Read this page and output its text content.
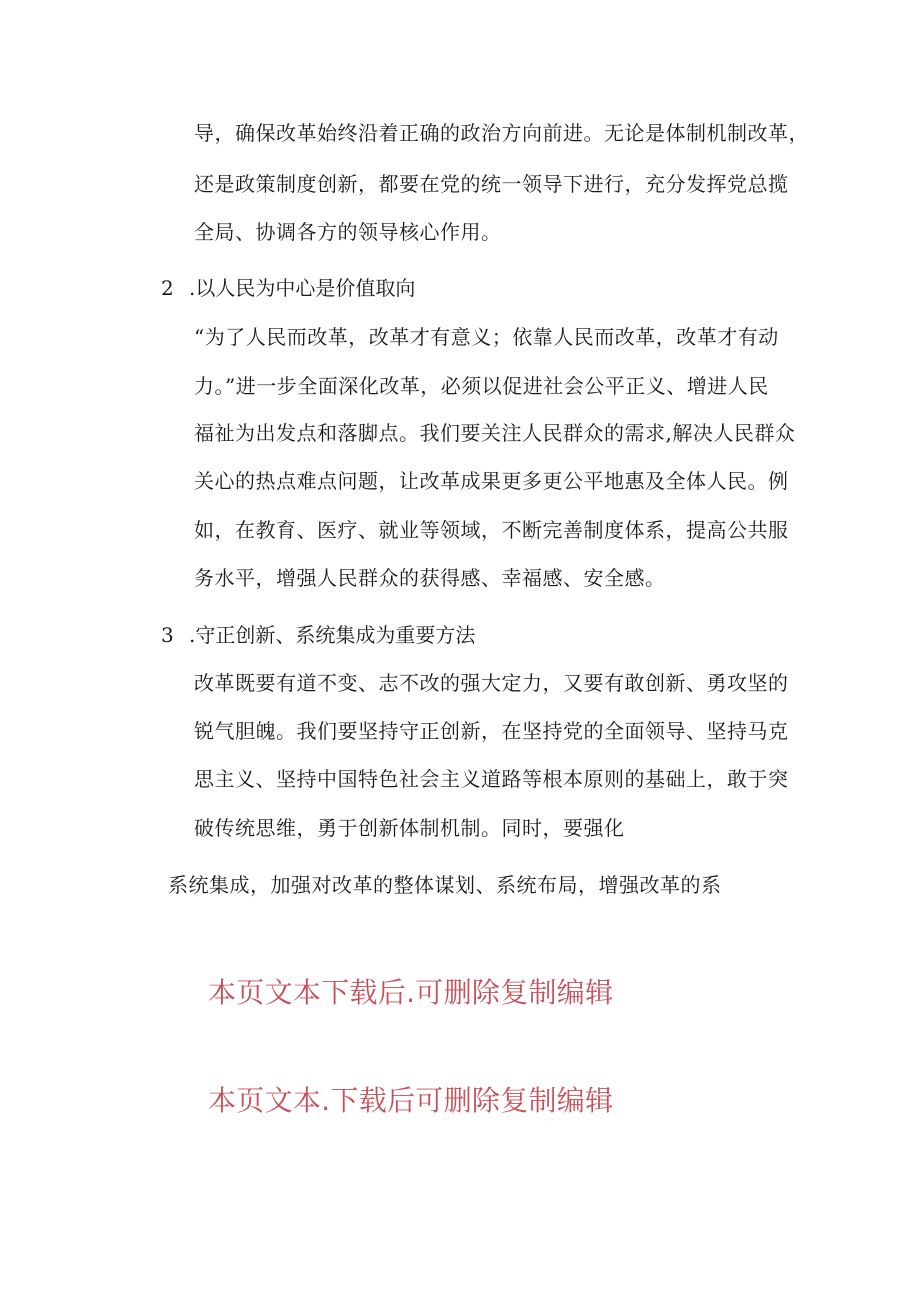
导，确保改革始终沿着正确的政治方向前进。无论是体制机制改革，
还是政策制度创新，都要在党的统一领导下进行，充分发挥党总揽
全局、协调各方的领导核心作用。
2 .以人民为中心是价值取向
“为了人民而改革，改革才有意义；依靠人民而改革，改革才有动
力。”进一步全面深化改革，必须以促进社会公平正义、增进人民
福祉为出发点和落脚点。我们要关注人民群众的需求,解决人民群众
关心的热点难点问题，让改革成果更多更公平地惠及全体人民。例
如，在教育、医疗、就业等领域，不断完善制度体系，提高公共服
务水平，增强人民群众的获得感、幸福感、安全感。
3 .守正创新、系统集成为重要方法
改革既要有道不变、志不改的强大定力，又要有敢创新、勇攻坚的
锐气胆魄。我们要坚持守正创新，在坚持党的全面领导、坚持马克
思主义、坚持中国特色社会主义道路等根本原则的基础上，敢于突
破传统思维，勇于创新体制机制。同时，要强化
系统集成，加强对改革的整体谋划、系统布局，增强改革的系
本页文本下载后.可删除复制编辑
本页文本.下载后可删除复制编辑
